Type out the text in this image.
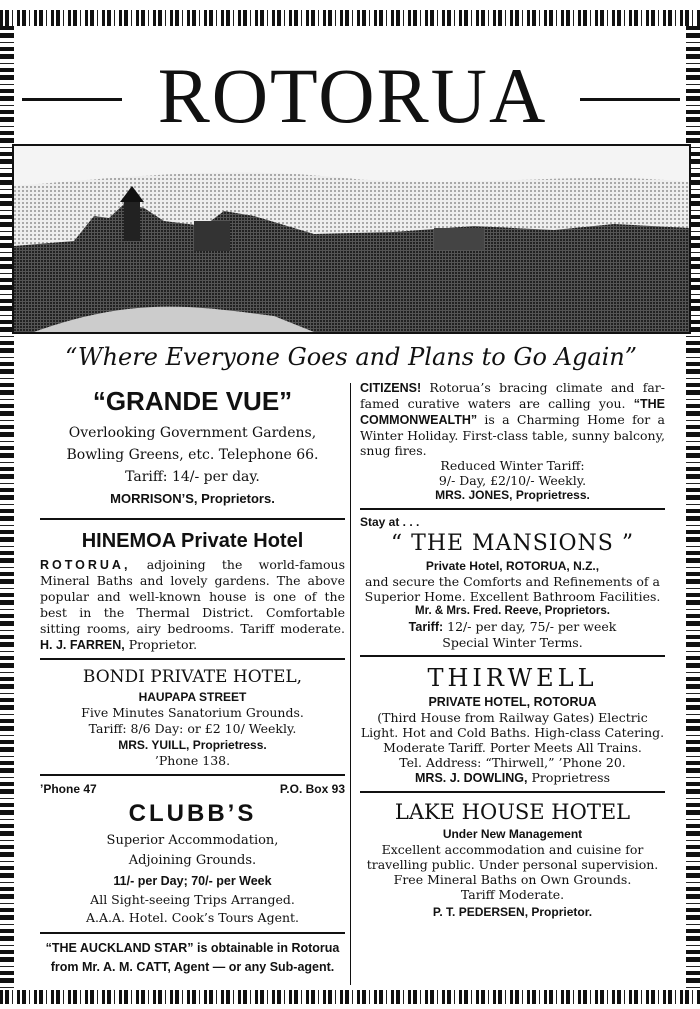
ROTORUA
“Where Everyone Goes and Plans to Go Again”

“GRANDE VUE”

Overlooking Government Gardens,

Bowling Greens, etc. Telephone 66.

Tariff: 14/- per day.

MORRISON’S, Proprietors.

HINEMOA Private Hotel

ROTORUA, adjoining the world-famous Mineral Baths and lovely gardens. The above popular and well-known house is one of the best in the Thermal District. Comfortable sitting rooms, airy bedrooms. Tariff moderate. H. J. FARREN, Proprietor.

BONDI PRIVATE HOTEL,

HAUPAPA STREET

Five Minutes Sanatorium Grounds.

Tariff: 8/6 Day: or £2 10/ Weekly.

MRS. YUILL, Proprietress.

’Phone 138.

’Phone 47	P.O. Box 93

CLUBB’S

Superior Accommodation,

Adjoining Grounds.

11/- per Day; 70/- per Week

All Sight-seeing Trips Arranged.

A.A.A. Hotel. Cook’s Tours Agent.

“THE AUCKLAND STAR” is obtainable in Rotorua from Mr. A. M. CATT, Agent — or any Sub-agent.

CITIZENS! Rotorua’s bracing climate and far-famed curative waters are calling you. “THE COMMONWEALTH” is a Charming Home for a Winter Holiday. First-class table, sunny balcony, snug fires.

Reduced Winter Tariff:

9/- Day, £2/10/- Weekly.

MRS. JONES, Proprietress.

Stay at . . .

“ THE MANSIONS ”

Private Hotel, ROTORUA, N.Z.,

and secure the Comforts and Refinements of a Superior Home. Excellent Bathroom Facilities.

Mr. & Mrs. Fred. Reeve, Proprietors.

Tariff: 12/- per day, 75/- per week

Special Winter Terms.

THIRWELL

PRIVATE HOTEL, ROTORUA

(Third House from Railway Gates) Electric Light. Hot and Cold Baths. High-class Catering. Moderate Tariff. Porter Meets All Trains.

Tel. Address: “Thirwell,” ’Phone 20.

MRS. J. DOWLING, Proprietress

LAKE HOUSE HOTEL

Under New Management

Excellent accommodation and cuisine for travelling public. Under personal supervision.

Free Mineral Baths on Own Grounds.

Tariff Moderate.

P. T. PEDERSEN, Proprietor.
